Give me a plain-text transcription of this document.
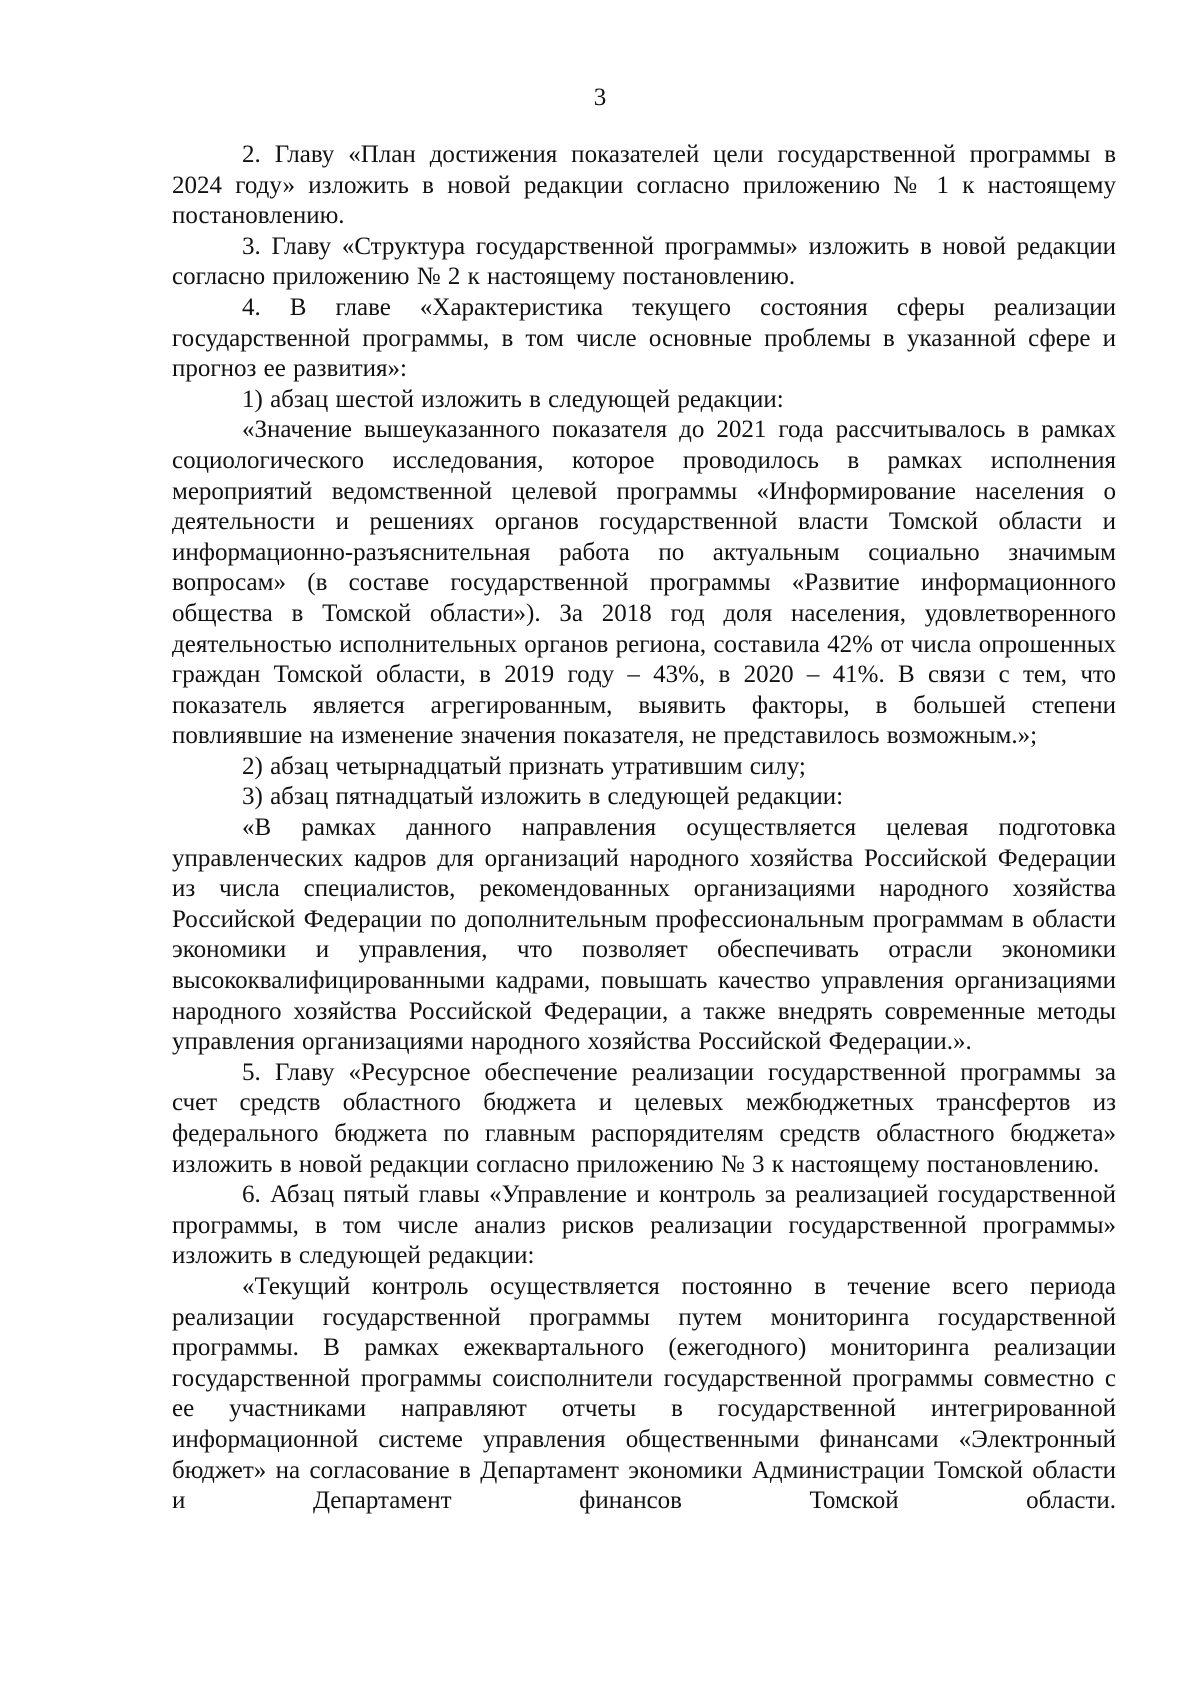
3

2. Главу «План достижения показателей цели государственной программы в 2024 году» изложить в новой редакции согласно приложению № 1 к настоящему постановлению.

3. Главу «Структура государственной программы» изложить в новой редакции согласно приложению № 2 к настоящему постановлению.

4. В главе «Характеристика текущего состояния сферы реализации государственной программы, в том числе основные проблемы в указанной сфере и прогноз ее развития»:

1) абзац шестой изложить в следующей редакции:

«Значение вышеуказанного показателя до 2021 года рассчитывалось в рамках социологического исследования, которое проводилось в рамках исполнения мероприятий ведомственной целевой программы «Информирование населения о деятельности и решениях органов государственной власти Томской области и информационно-разъяснительная работа по актуальным социально значимым вопросам» (в составе государственной программы «Развитие информационного общества в Томской области»). За 2018 год доля населения, удовлетворенного деятельностью исполнительных органов региона, составила 42% от числа опрошенных граждан Томской области, в 2019 году – 43%, в 2020 – 41%. В связи с тем, что показатель является агрегированным, выявить факторы, в большей степени повлиявшие на изменение значения показателя, не представилось возможным.»;

2) абзац четырнадцатый признать утратившим силу;

3) абзац пятнадцатый изложить в следующей редакции:

«В рамках данного направления осуществляется целевая подготовка управленческих кадров для организаций народного хозяйства Российской Федерации из числа специалистов, рекомендованных организациями народного хозяйства Российской Федерации по дополнительным профессиональным программам в области экономики и управления, что позволяет обеспечивать отрасли экономики высококвалифицированными кадрами, повышать качество управления организациями народного хозяйства Российской Федерации, а также внедрять современные методы управления организациями народного хозяйства Российской Федерации.».

5. Главу «Ресурсное обеспечение реализации государственной программы за счет средств областного бюджета и целевых межбюджетных трансфертов из федерального бюджета по главным распорядителям средств областного бюджета» изложить в новой редакции согласно приложению № 3 к настоящему постановлению.

6. Абзац пятый главы «Управление и контроль за реализацией государственной программы, в том числе анализ рисков реализации государственной программы» изложить в следующей редакции:

«Текущий контроль осуществляется постоянно в течение всего периода реализации государственной программы путем мониторинга государственной программы. В рамках ежеквартального (ежегодного) мониторинга реализации государственной программы соисполнители государственной программы совместно с ее участниками направляют отчеты в государственной интегрированной информационной системе управления общественными финансами «Электронный бюджет» на согласование в Департамент экономики Администрации Томской области и Департамент финансов Томской области.
